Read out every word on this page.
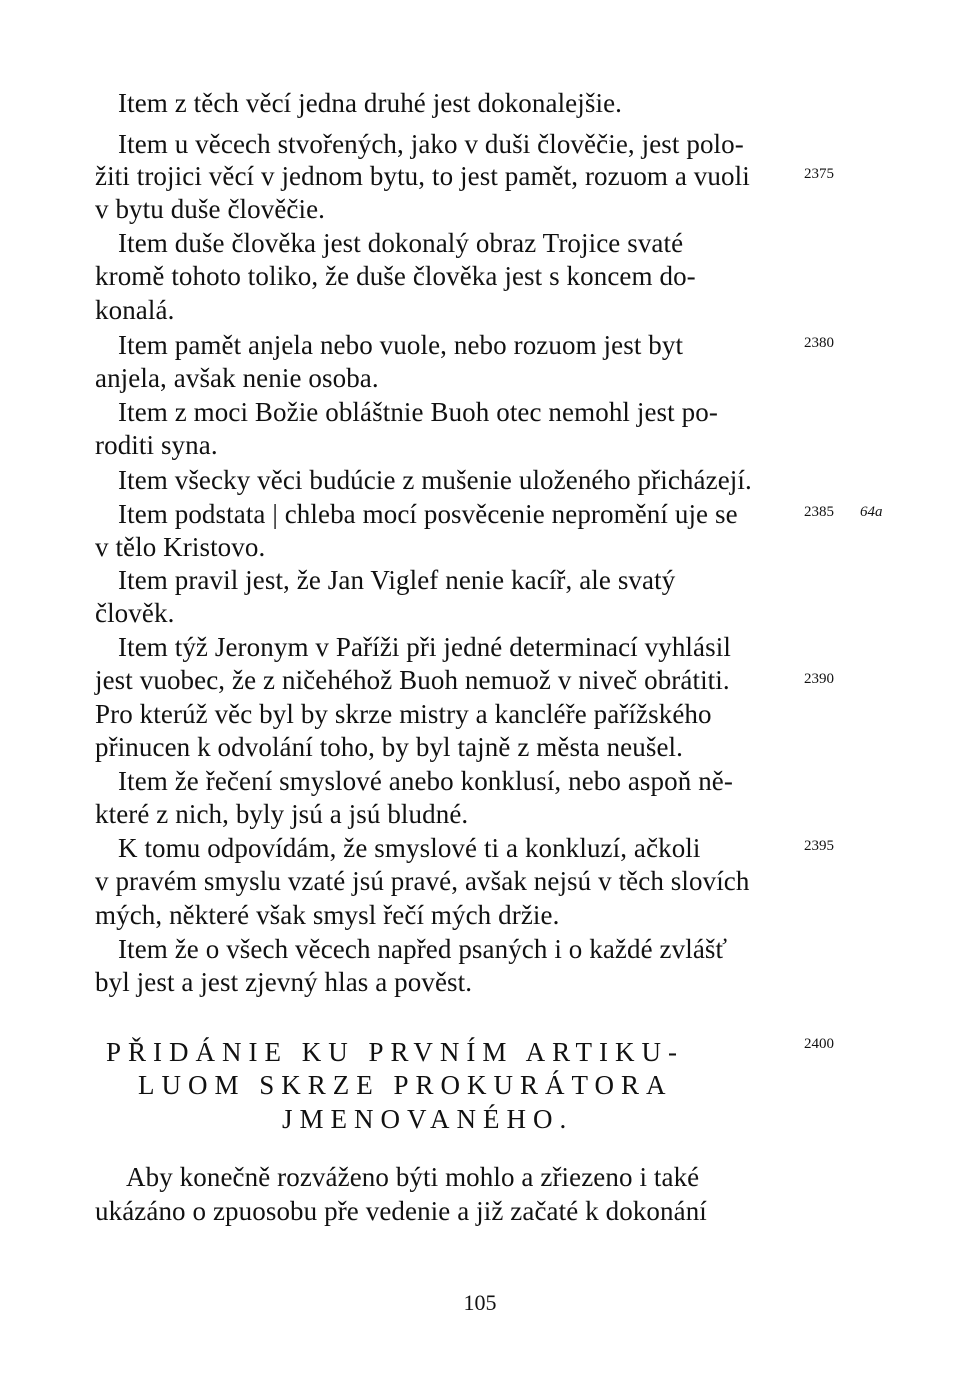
Item z těch věcí jedna druhé jest dokonalejšie.
Item u věcech stvořených, jako v duši člověčie, jest polo-
žiti trojici věcí v jednom bytu, to jest pamět, rozuom a vuoli
v bytu duše člověčie.
Item duše člověka jest dokonalý obraz Trojice svaté
kromě tohoto toliko, že duše člověka jest s koncem do-
konalá.
Item pamět anjela nebo vuole, nebo rozuom jest byt
anjela, avšak nenie osoba.
Item z moci Božie obláštnie Buoh otec nemohl jest po-
roditi syna.
Item všecky věci budúcie z mušenie uloženého přicházejí.
Item podstata | chleba mocí posvěcenie nepromění uje se
v tělo Kristovo.
Item pravil jest, že Jan Viglef nenie kacíř, ale svatý
člověk.
Item týž Jeronym v Paříži při jedné determinací vyhlásil
jest vuobec, že z ničehéhož Buoh nemuož v niveč obrátiti.
Pro kterúž věc byl by skrze mistry a kancléře pařížského
přinucen k odvolání toho, by byl tajně z města neušel.
Item že řečení smyslové anebo konklusí, nebo aspoň ně-
které z nich, byly jsú a jsú bludné.
K tomu odpovídám, že smyslové ti a konkluzí, ačkoli
v pravém smyslu vzaté jsú pravé, avšak nejsú v těch slovích
mých, některé však smysl řečí mých držie.
Item že o všech věcech napřed psaných i o každé zvlášť
byl jest a jest zjevný hlas a pověst.
2375
2380
2385 64a
2390
2395
2400
PŘIDÁNIE KU PRVNÍM ARTIKU-
LUOM SKRZE PROKURÁTORA
JMENOVANÉHO.
Aby konečně rozváženo býti mohlo a zřiezeno i také
ukázáno o zpuosobu pře vedenie a již začaté k dokonání
105
